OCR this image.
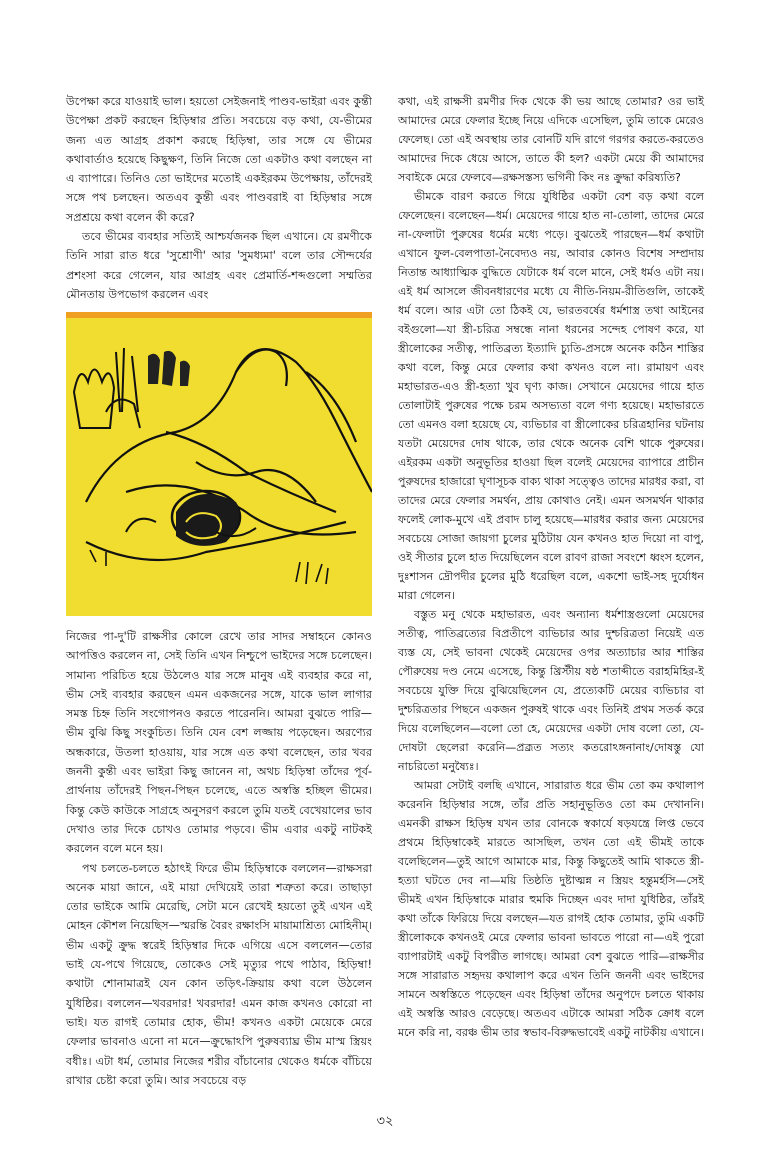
উপেক্ষা করে যাওয়াই ভাল। হয়তো সেইজনাই পাণ্ডব-ভাইরা এবং কুন্তী উপেক্ষা প্রকট করছেন হিড়িম্বার প্রতি। সবচেয়ে বড় কথা, যে-ভীমের জন্য এত আগ্রহ প্রকাশ করছে হিড়িম্বা, তার সঙ্গে যে ভীমের কথাবার্তাও হয়েছে কিছুক্ষণ, তিনি নিজে তো একটাও কথা বলছেন না এ ব্যাপারে। তিনিও তো ভাইদের মতোই একইরকম উপেক্ষায়, তাঁদেরই সঙ্গে পথ চলছেন। অতএব কুন্তী এবং পাণ্ডবরাই বা হিড়িম্বার সঙ্গে সপ্রশ্রয়ে কথা বলেন কী করে?

তবে ভীমের ব্যবহার সত্যিই আশ্চর্যজনক ছিল এখানে। যে রমণীকে তিনি সারা রাত ধরে 'সুশ্রোণী' আর 'সুমধ্যমা' বলে তার সৌন্দর্যের প্রশংসা করে গেলেন, যার আগ্রহ এবং প্রেমার্তি-শব্দগুলো সম্মতির মৌনতায় উপভোগ করলেন এবং

নিজের পা-দু'টি রাক্ষসীর কোলে রেখে তার সাদর সম্বাহনে কোনও আপত্তিও করলেন না, সেই তিনি এখন নিশ্চুপে ভাইদের সঙ্গে চলেছেন। সামান্য পরিচিত হয়ে উঠলেও যার সঙ্গে মানুষ এই ব্যবহার করে না, ভীম সেই ব্যবহার করছেন এমন একজনের সঙ্গে, যাকে ভাল লাগার সমস্ত চিহ্ন তিনি সংগোপনও করতে পারেননি। আমরা বুঝতে পারি—ভীম বুঝি কিছু সংকুচিত। তিনি যেন বেশ লজ্জায় পড়েছেন। অরণ্যের অন্ধকারে, উতলা হাওয়ায়, যার সঙ্গে এত কথা বলেছেন, তার খবর জননী কুন্তী এবং ভাইরা কিছু জানেন না, অথচ হিড়িম্বা তাঁদের পূর্ব-প্রার্থনায় তাঁদেরই পিছন-পিছন চলেছে, এতে অস্বস্তি হচ্ছিল ভীমের। কিন্তু কেউ কাউকে সাগ্রহে অনুসরণ করলে তুমি যতই বেখেয়ালের ভাব দেখাও তার দিকে চোখও তোমার পড়বে। ভীম এবার একটু নাটকই করলেন বলে মনে হয়।

পথ চলতে-চলতে হঠাৎই ফিরে ভীম হিড়িম্বাকে বললেন—রাক্ষসরা অনেক মায়া জানে, এই মায়া দেখিয়েই তারা শত্রুতা করে। তাছাড়া তোর ভাইকে আমি মেরেছি, সেটা মনে রেখেই হয়তো তুই এখন এই মোহন কৌশল নিয়েছিস—স্মরন্তি বৈরং রক্ষাংসি মায়ামাশ্রিত্য মোহিনীম্। ভীম একটু ক্রুদ্ধ স্বরেই হিড়িম্বার দিকে এগিয়ে এসে বললেন—তোর ভাই যে-পথে গিয়েছে, তোকেও সেই মৃত্যুর পথে পাঠাব, হিড়িম্বা! কথাটা শোনামাত্রই যেন কোন তড়িৎ-ক্রিয়ায় কথা বলে উঠলেন যুধিষ্ঠির। বললেন—খবরদার! খবরদার! এমন কাজ কখনও কোরো না ভাই। যত রাগই তোমার হোক, ভীম! কখনও একটা মেয়েকে মেরে ফেলার ভাবনাও এনো না মনে—ক্রুদ্ধোঽপি পুরুষব্যাঘ্র ভীম মাস্ম স্ত্রিয়ং বধীঃ। এটা ধর্ম, তোমার নিজের শরীর বাঁচানোর থেকেও ধর্মকে বাঁচিয়ে রাখার চেষ্টা করো তুমি। আর সবচেয়ে বড়

কথা, এই রাক্ষসী রমণীর দিক থেকে কী ভয় আছে তোমার? ওর ভাই আমাদের মেরে ফেলার ইচ্ছে নিয়ে এদিকে এসেছিল, তুমি তাকে মেরেও ফেলেছ। তো এই অবস্থায় তার বোনটি যদি রাগে গরগর করতে-করতেও আমাদের দিকে ধেয়ে আসে, তাতে কী হল? একটা মেয়ে কী আমাদের সবাইকে মেরে ফেলবে—রক্ষসস্তস্য ভগিনী কিং নঃ ক্রুদ্ধা করিষ্যতি?

ভীমকে বারণ করতে গিয়ে যুধিষ্ঠির একটা বেশ বড় কথা বলে ফেলেছেন। বলেছেন—ধর্ম। মেয়েদের গায়ে হাত না-তোলা, তাদের মেরে না-ফেলাটা পুরুষের ধর্মের মধ্যে পড়ে। বুঝতেই পারছেন—ধর্ম কথাটা এখানে ফুল-বেলপাতা-নৈবেদ্যও নয়, আবার কোনও বিশেষ সম্প্রদায় নিতান্ত আধ্যাত্মিক বুদ্ধিতে যেটাকে ধর্ম বলে মানে, সেই ধর্মও এটা নয়। এই ধর্ম আসলে জীবনধারণের মধ্যে যে নীতি-নিয়ম-রীতিগুলি, তাকেই ধর্ম বলে। আর এটা তো ঠিকই যে, ভারতবর্ষের ধর্মশাস্ত্র তথা আইনের বইগুলো—যা স্ত্রী-চরিত্র সম্বন্ধে নানা ধরনের সন্দেহ পোষণ করে, যা স্ত্রীলোকের সতীত্ব, পাতিব্রত্য ইত্যাদি চ্যুতি-প্রসঙ্গে অনেক কঠিন শাস্তির কথা বলে, কিন্তু মেরে ফেলার কথা কখনও বলে না। রামায়ণ এবং মহাভারত-এও স্ত্রী-হত্যা খুব ঘৃণ্য কাজ। সেখানে মেয়েদের গায়ে হাত তোলাটাই পুরুষের পক্ষে চরম অসভ্যতা বলে গণ্য হয়েছে। মহাভারতে তো এমনও বলা হয়েছে যে, ব্যভিচার বা স্ত্রীলোকের চরিত্রহানির ঘটনায় যতটা মেয়েদের দোষ থাকে, তার থেকে অনেক বেশি থাকে পুরুষের। এইরকম একটা অনুভূতির হাওয়া ছিল বলেই মেয়েদের ব্যাপারে প্রাচীন পুরুষদের হাজারো ঘৃণাসূচক বাক্য থাকা সত্ত্বেও তাদের মারধর করা, বা তাদের মেরে ফেলার সমর্থন, প্রায় কোথাও নেই। এমন অসমর্থন থাকার ফলেই লোক-মুখে এই প্রবাদ চালু হয়েছে—মারধর করার জন্য মেয়েদের সবচেয়ে সোজা জায়গা চুলের মুঠিটায় যেন কখনও হাত দিয়ো না বাপু, ওই সীতার চুলে হাত দিয়েছিলেন বলে রাবণ রাজা সবংশে ধ্বংস হলেন, দুঃশাসন দ্রৌপদীর চুলের মুঠি ধরেছিল বলে, একশো ভাই-সহ দুর্যোধন মারা গেলেন।

বস্তুত মনু থেকে মহাভারত, এবং অন্যান্য ধর্মশাস্ত্রগুলো মেয়েদের সতীত্ব, পাতিব্রত্যের বিপ্রতীপে ব্যভিচার আর দুশ্চরিত্রতা নিয়েই এত ব্যস্ত যে, সেই ভাবনা থেকেই মেয়েদের ওপর অত্যাচার আর শাস্তির পৌরুষেয় দণ্ড নেমে এসেছে, কিন্তু খ্রিস্টীয় ষষ্ঠ শতাব্দীতে বরাহমিহির-ই সবচেয়ে যুক্তি দিয়ে বুঝিয়েছিলেন যে, প্রত্যেকটি মেয়ের ব্যভিচার বা দুশ্চরিত্রতার পিছনে একজন পুরুষই থাকে এবং তিনিই প্রথম সতর্ক করে দিয়ে বলেছিলেন—বলো তো হে, মেয়েদের একটা দোষ বলো তো, যে-দোষটা ছেলেরা করেনি—প্রব্রূত সত্যং কতরোঽঙ্গনানাং/দোষস্তু যো নাচরিতো মনুষ্যৈঃ।

আমরা সেটাই বলছি এখানে, সারারাত ধরে ভীম তো কম কথালাপ করেননি হিড়িম্বার সঙ্গে, তাঁর প্রতি সহানুভূতিও তো কম দেখাননি। এমনকী রাক্ষস হিড়িম্ব যখন তার বোনকে স্বকার্যে ষড়যন্ত্রে লিপ্ত ভেবে প্রথমে হিড়িম্বাকেই মারতে আসছিল, তখন তো এই ভীমই তাকে বলেছিলেন—তুই আগে আমাকে মার, কিন্তু কিছুতেই আমি থাকতে স্ত্রী-হত্যা ঘটতে দেব না—ময়ি তিষ্ঠতি দুষ্টাত্মন্ন ন স্ত্রিয়ং হন্তুমর্হসি—সেই ভীমই এখন হিড়িম্বাকে মারার হুমকি দিচ্ছেন এবং দাদা যুধিষ্ঠির, তাঁরই কথা তাঁকে ফিরিয়ে দিয়ে বলছেন—যত রাগই হোক তোমার, তুমি একটি স্ত্রীলোককে কখনওই মেরে ফেলার ভাবনা ভাবতে পারো না—এই পুরো ব্যাপারটাই একটু বিপরীত লাগছে। আমরা বেশ বুঝতে পারি—রাক্ষসীর সঙ্গে সারারাত সহৃদয় কথালাপ করে এখন তিনি জননী এবং ভাইদের সামনে অস্বস্তিতে পড়েছেন এবং হিড়িম্বা তাঁদের অনুপদে চলতে থাকায় এই অস্বস্তি আরও বেড়েছে। অতএব এটাকে আমরা সঠিক ক্রোধ বলে মনে করি না, বরঞ্চ ভীম তার স্বভাব-বিরুদ্ধভাবেই একটু নাটকীয় এখানে।

৩২
